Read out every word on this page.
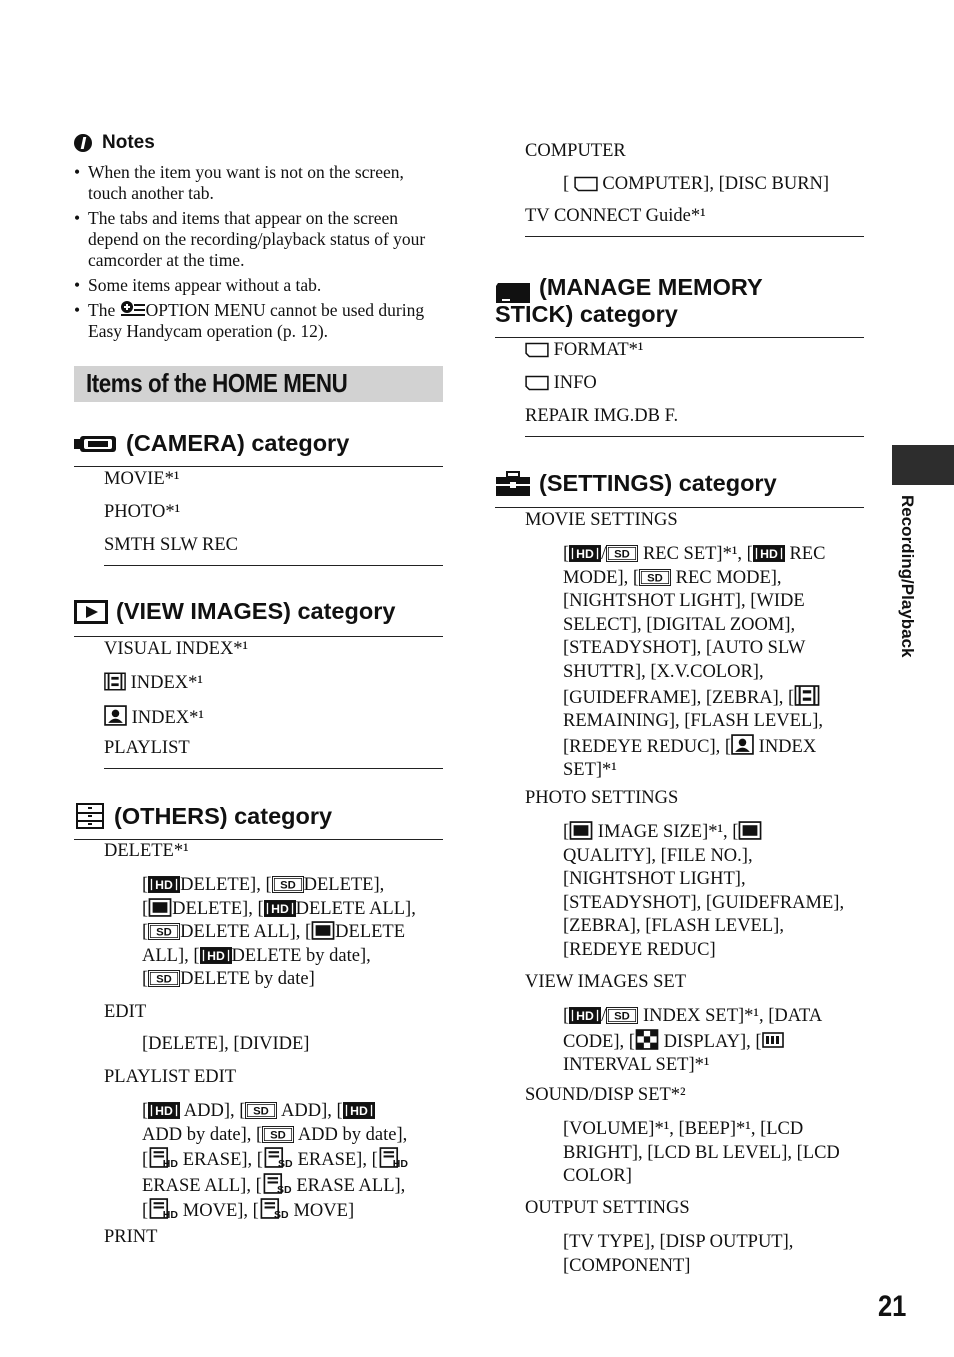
Notes
• When the item you want is not on the screen, touch another tab.
• The tabs and items that appear on the screen depend on the recording/playback status of your camcorder at the time.
• Some items appear without a tab.
• The OPTION MENU cannot be used during Easy Handycam operation (p. 12).
Items of the HOME MENU
(CAMERA) category
MOVIE*¹
PHOTO*¹
SMTH SLW REC
(VIEW IMAGES) category
VISUAL INDEX*¹
INDEX*¹
INDEX*¹
PLAYLIST
(OTHERS) category
DELETE*¹
[ DELETE], [ DELETE],
[ DELETE], [ DELETE ALL],
[ DELETE ALL], [ DELETE
ALL], [ DELETE by date],
[ DELETE by date]
EDIT
[DELETE], [DIVIDE]
PLAYLIST EDIT
[ ADD], [ ADD], [
ADD by date], [ ADD by date],
[ ERASE], [ ERASE], [
ERASE ALL], [ ERASE ALL],
[ MOVE], [ MOVE]
PRINT
COMPUTER
[ COMPUTER], [DISC BURN]
TV CONNECT Guide*¹
(MANAGE MEMORY
STICK) category
FORMAT*¹
INFO
REPAIR IMG.DB F.
(SETTINGS) category
MOVIE SETTINGS
[ / REC SET]*¹, [ REC
MODE], [ REC MODE],
[NIGHTSHOT LIGHT], [WIDE
SELECT], [DIGITAL ZOOM],
[STEADYSHOT], [AUTO SLW
SHUTTR], [X.V.COLOR],
[GUIDEFRAME], [ZEBRA], [
REMAINING], [FLASH LEVEL],
[REDEYE REDUC], [ INDEX
SET]*¹
PHOTO SETTINGS
[ IMAGE SIZE]*¹, [
QUALITY], [FILE NO.],
[NIGHTSHOT LIGHT],
[STEADYSHOT], [GUIDEFRAME],
[ZEBRA], [FLASH LEVEL],
[REDEYE REDUC]
VIEW IMAGES SET
[ / INDEX SET]*¹, [DATA
CODE], [ DISPLAY], [
INTERVAL SET]*¹
SOUND/DISP SET*²
[VOLUME]*¹, [BEEP]*¹, [LCD
BRIGHT], [LCD BL LEVEL], [LCD
COLOR]
OUTPUT SETTINGS
[TV TYPE], [DISP OUTPUT],
[COMPONENT]
Recording/Playback
21
